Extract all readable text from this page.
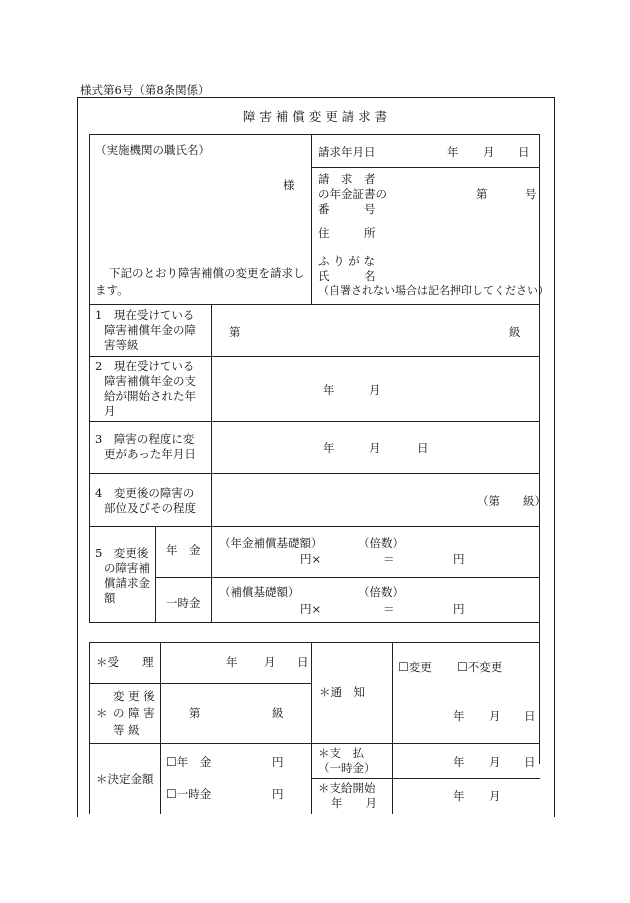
様式第6号（第8条関係）
障 害 補 償 変 更 請 求 書
（実施機関の職氏名）
様
下記のとおり障害補償の変更を請求し
ます。
請求年月日	年 月 日
請　求　者
の年金証書の
番　　　号
第	号
住　　　所
ふ り が な
氏　　　名
（自署されない場合は記名押印してください）
1　現在受けている
障害補償年金の障
害等級
第	級
2　現在受けている
障害補償年金の支
給が開始された年
月
年	月
3　障害の程度に変
更があった年月日	年	月	日
4　変更後の障害の
部位及びその程度	（第　　級）
5　変更後
の障害補
償請求金
額
年　金 （年金補償基礎額）	（倍数）
円×	＝	円
一時金
（補償基礎額）	（倍数）
円×	＝	円
＊受　　理	年 月 日
変 更 後
＊ の 障 害
等 級
第	級
＊通　知
☐変更 ☐不変更
年 月 日
＊決定金額
☐年　金	円
☐一時金	円
＊支　払
（一時金）	年 月 日
＊支給開始
年　　月	年 月
